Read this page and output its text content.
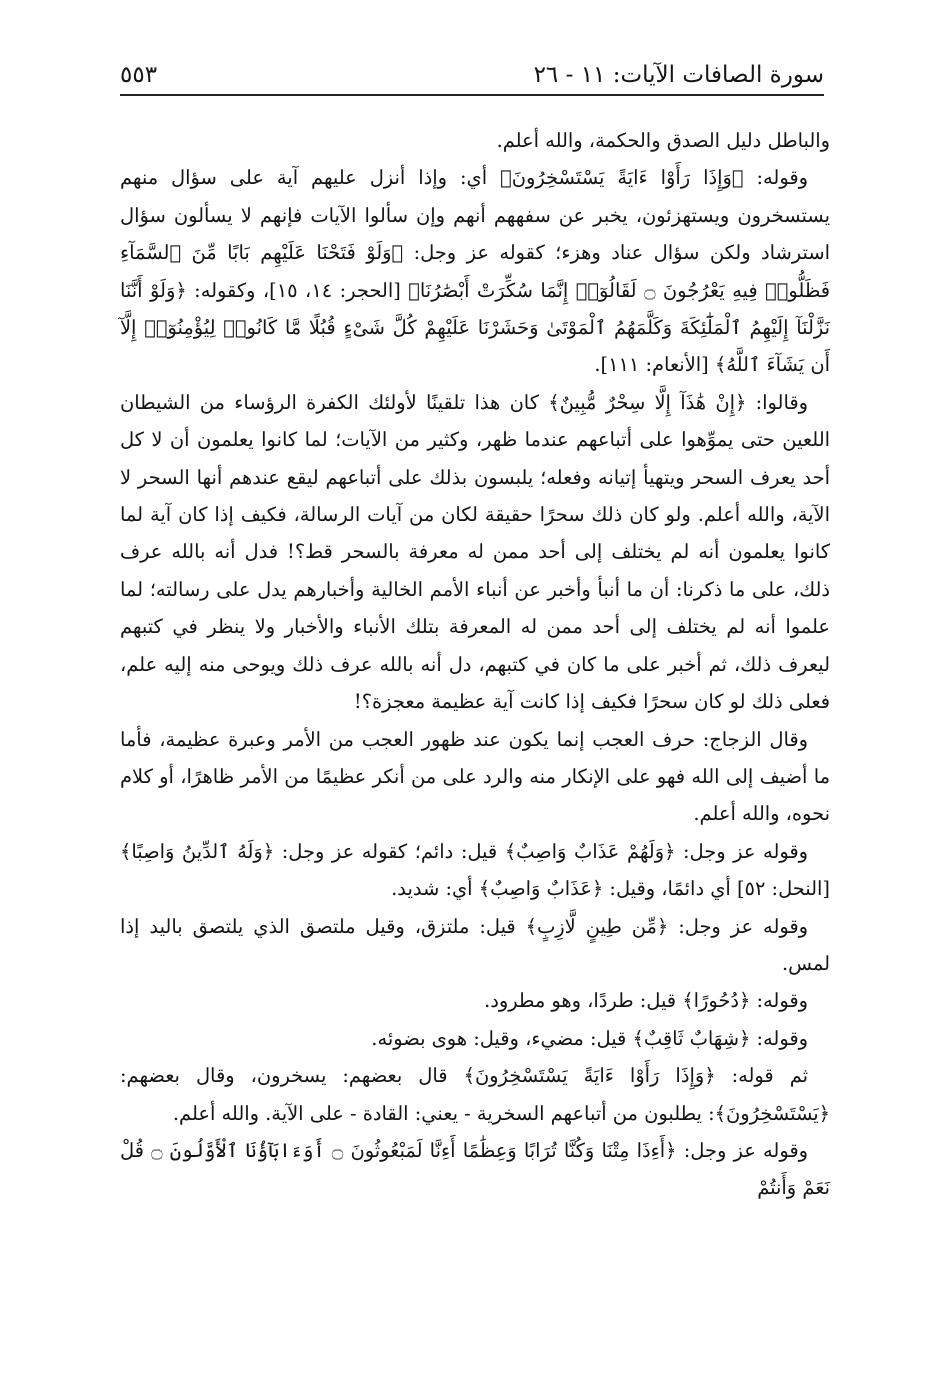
سورة الصافات الآيات: ١١ - ٢٦
٥٥٣

والباطل دليل الصدق والحكمة، والله أعلم.

وقوله: ﴿وَإِذَا رَأَوْا ءَايَةً يَسْتَسْخِرُونَ﴾ أي: وإذا أنزل عليهم آية على سؤال منهم يستسخرون ويستهزئون، يخبر عن سفههم أنهم وإن سألوا الآيات فإنهم لا يسألون سؤال استرشاد ولكن سؤال عناد وهزء؛ كقوله عز وجل: ﴿وَلَوْ فَتَحْنَا عَلَيْهِم بَابًا مِّنَ ٱلسَّمَآءِ فَظَلُّوا۟ فِيهِ يَعْرُجُونَ ۝ لَقَالُوٓا۟ إِنَّمَا سُكِّرَتْ أَبْصَٰرُنَا﴾ [الحجر: ١٤، ١٥]، وكقوله: ﴿وَلَوْ أَنَّنَا نَزَّلْنَآ إِلَيْهِمُ ٱلْمَلَٰٓئِكَةَ وَكَلَّمَهُمُ ٱلْمَوْتَىٰ وَحَشَرْنَا عَلَيْهِمْ كُلَّ شَىْءٍ قُبُلًا مَّا كَانُوا۟ لِيُؤْمِنُوٓا۟ إِلَّآ أَن يَشَآءَ ٱللَّهُ﴾ [الأنعام: ١١١].

وقالوا: ﴿إِنْ هَٰذَآ إِلَّا سِحْرٌ مُّبِينٌ﴾ كان هذا تلقينًا لأولئك الكفرة الرؤساء من الشيطان اللعين حتى يموِّهوا على أتباعهم عندما ظهر، وكثير من الآيات؛ لما كانوا يعلمون أن لا كل أحد يعرف السحر ويتهيأ إتيانه وفعله؛ يلبسون بذلك على أتباعهم ليقع عندهم أنها السحر لا الآية، والله أعلم. ولو كان ذلك سحرًا حقيقة لكان من آيات الرسالة، فكيف إذا كان آية لما كانوا يعلمون أنه لم يختلف إلى أحد ممن له معرفة بالسحر قط؟! فدل أنه بالله عرف ذلك، على ما ذكرنا: أن ما أنبأ وأخبر عن أنباء الأمم الخالية وأخبارهم يدل على رسالته؛ لما علموا أنه لم يختلف إلى أحد ممن له المعرفة بتلك الأنباء والأخبار ولا ينظر في كتبهم ليعرف ذلك، ثم أخبر على ما كان في كتبهم، دل أنه بالله عرف ذلك ويوحى منه إليه علم، فعلى ذلك لو كان سحرًا فكيف إذا كانت آية عظيمة معجزة؟!

وقال الزجاج: حرف العجب إنما يكون عند ظهور العجب من الأمر وعبرة عظيمة، فأما ما أضيف إلى الله فهو على الإنكار منه والرد على من أنكر عظيمًا من الأمر ظاهرًا، أو كلام نحوه، والله أعلم.

وقوله عز وجل: ﴿وَلَهُمْ عَذَابٌ وَاصِبٌ﴾ قيل: دائم؛ كقوله عز وجل: ﴿وَلَهُ ٱلدِّينُ وَاصِبًا﴾ [النحل: ٥٢] أي دائمًا، وقيل: ﴿عَذَابٌ وَاصِبٌ﴾ أي: شديد.

وقوله عز وجل: ﴿مِّن طِينٍ لَّازِبٍ﴾ قيل: ملتزق، وقيل ملتصق الذي يلتصق باليد إذا لمس.

وقوله: ﴿دُحُورًا﴾ قيل: طردًا، وهو مطرود.

وقوله: ﴿شِهَابٌ ثَاقِبٌ﴾ قيل: مضيء، وقيل: هوى بضوئه.

ثم قوله: ﴿وَإِذَا رَأَوْا ءَايَةً يَسْتَسْخِرُونَ﴾ قال بعضهم: يسخرون، وقال بعضهم: ﴿يَسْتَسْخِرُونَ﴾: يطلبون من أتباعهم السخرية - يعني: القادة - على الآية. والله أعلم.

وقوله عز وجل: ﴿أَءِذَا مِتْنَا وَكُنَّا تُرَابًا وَعِظَٰمًا أَءِنَّا لَمَبْعُوثُونَ ۝ أَوَءَابَآؤُنَا ٱلْأَوَّلُونَ ۝ قُلْ نَعَمْ وَأَنتُمْ
